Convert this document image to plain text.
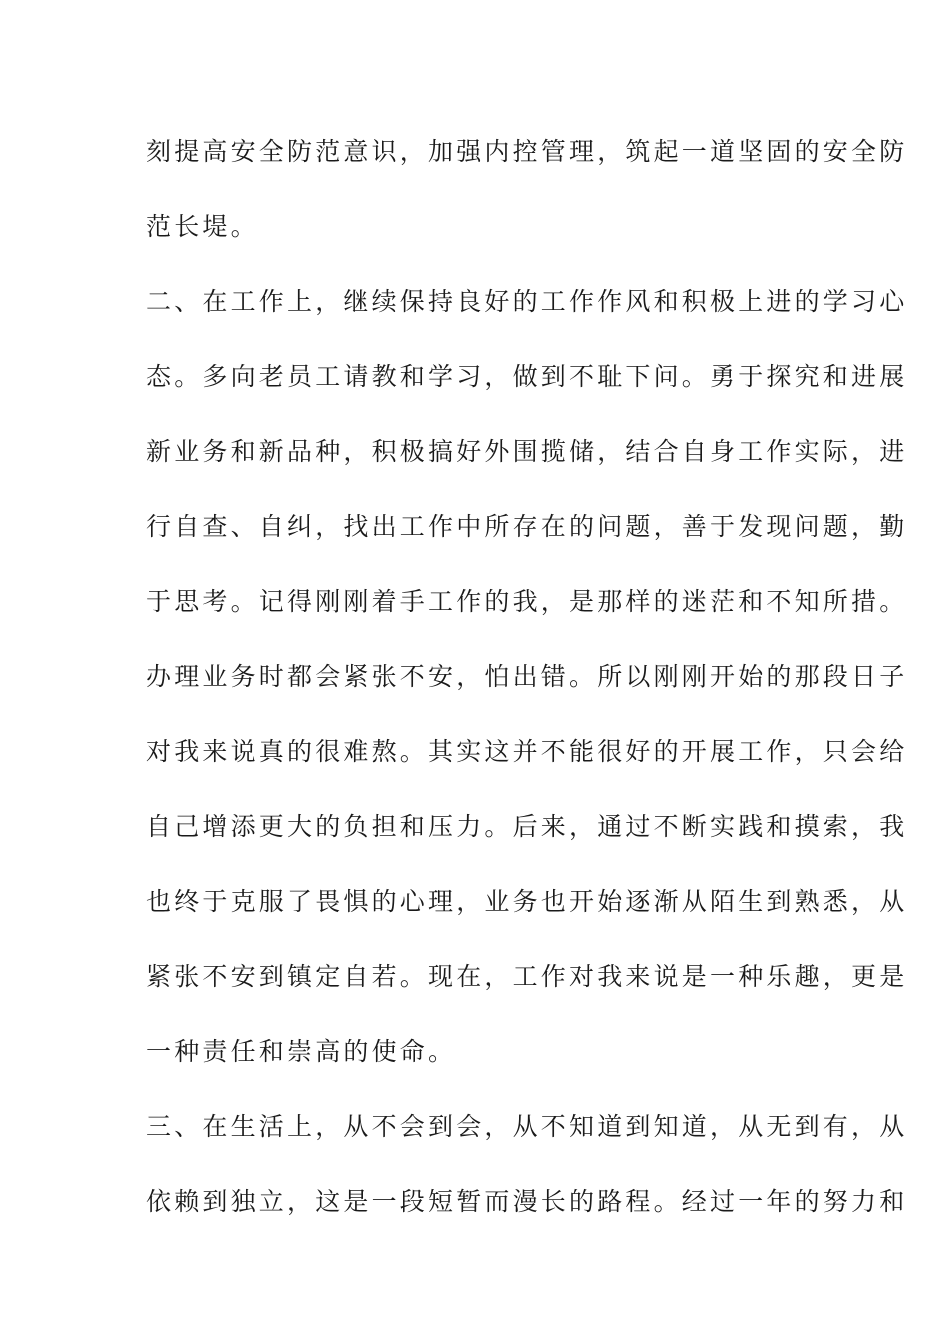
刻提高安全防范意识，加强内控管理，筑起一道坚固的安全防
范长堤。
二、在工作上，继续保持良好的工作作风和积极上进的学习心
态。多向老员工请教和学习，做到不耻下问。勇于探究和进展
新业务和新品种，积极搞好外围揽储，结合自身工作实际，进
行自查、自纠，找出工作中所存在的问题，善于发现问题，勤
于思考。记得刚刚着手工作的我，是那样的迷茫和不知所措。
办理业务时都会紧张不安，怕出错。所以刚刚开始的那段日子
对我来说真的很难熬。其实这并不能很好的开展工作，只会给
自己增添更大的负担和压力。后来，通过不断实践和摸索，我
也终于克服了畏惧的心理，业务也开始逐渐从陌生到熟悉，从
紧张不安到镇定自若。现在，工作对我来说是一种乐趣，更是
一种责任和崇高的使命。
三、在生活上，从不会到会，从不知道到知道，从无到有，从
依赖到独立，这是一段短暂而漫长的路程。经过一年的努力和
